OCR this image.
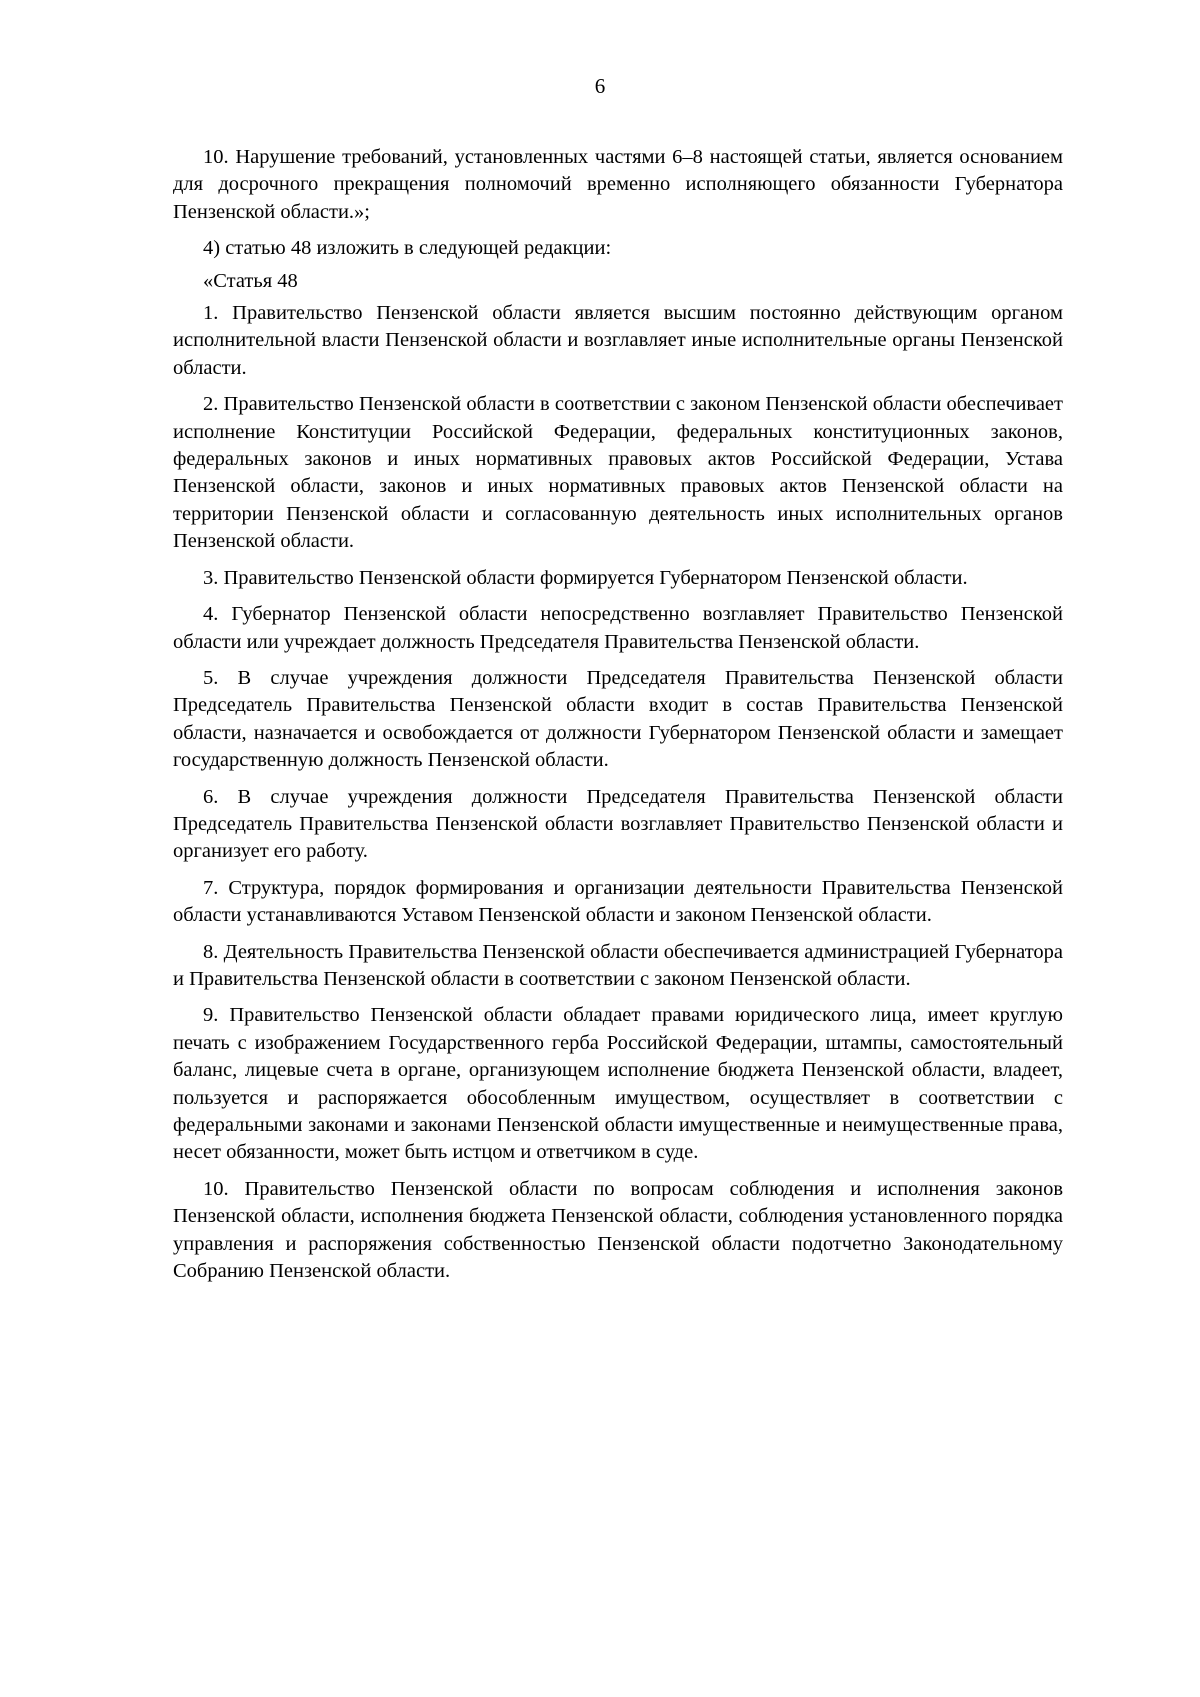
6

10. Нарушение требований, установленных частями 6–8 настоящей статьи, является основанием для досрочного прекращения полномочий временно исполняющего обязанности Губернатора Пензенской области.»;

4) статью 48 изложить в следующей редакции:

«Статья 48

1. Правительство Пензенской области является высшим постоянно действующим органом исполнительной власти Пензенской области и возглавляет иные исполнительные органы Пензенской области.

2. Правительство Пензенской области в соответствии с законом Пензенской области обеспечивает исполнение Конституции Российской Федерации, федеральных конституционных законов, федеральных законов и иных нормативных правовых актов Российской Федерации, Устава Пензенской области, законов и иных нормативных правовых актов Пензенской области на территории Пензенской области и согласованную деятельность иных исполнительных органов Пензенской области.

3. Правительство Пензенской области формируется Губернатором Пензенской области.

4. Губернатор Пензенской области непосредственно возглавляет Правительство Пензенской области или учреждает должность Председателя Правительства Пензенской области.

5. В случае учреждения должности Председателя Правительства Пензенской области Председатель Правительства Пензенской области входит в состав Правительства Пензенской области, назначается и освобождается от должности Губернатором Пензенской области и замещает государственную должность Пензенской области.

6. В случае учреждения должности Председателя Правительства Пензенской области Председатель Правительства Пензенской области возглавляет Правительство Пензенской области и организует его работу.

7. Структура, порядок формирования и организации деятельности Правительства Пензенской области устанавливаются Уставом Пензенской области и законом Пензенской области.

8. Деятельность Правительства Пензенской области обеспечивается администрацией Губернатора и Правительства Пензенской области в соответствии с законом Пензенской области.

9. Правительство Пензенской области обладает правами юридического лица, имеет круглую печать с изображением Государственного герба Российской Федерации, штампы, самостоятельный баланс, лицевые счета в органе, организующем исполнение бюджета Пензенской области, владеет, пользуется и распоряжается обособленным имуществом, осуществляет в соответствии с федеральными законами и законами Пензенской области имущественные и неимущественные права, несет обязанности, может быть истцом и ответчиком в суде.

10. Правительство Пензенской области по вопросам соблюдения и исполнения законов Пензенской области, исполнения бюджета Пензенской области, соблюдения установленного порядка управления и распоряжения собственностью Пензенской области подотчетно Законодательному Собранию Пензенской области.
